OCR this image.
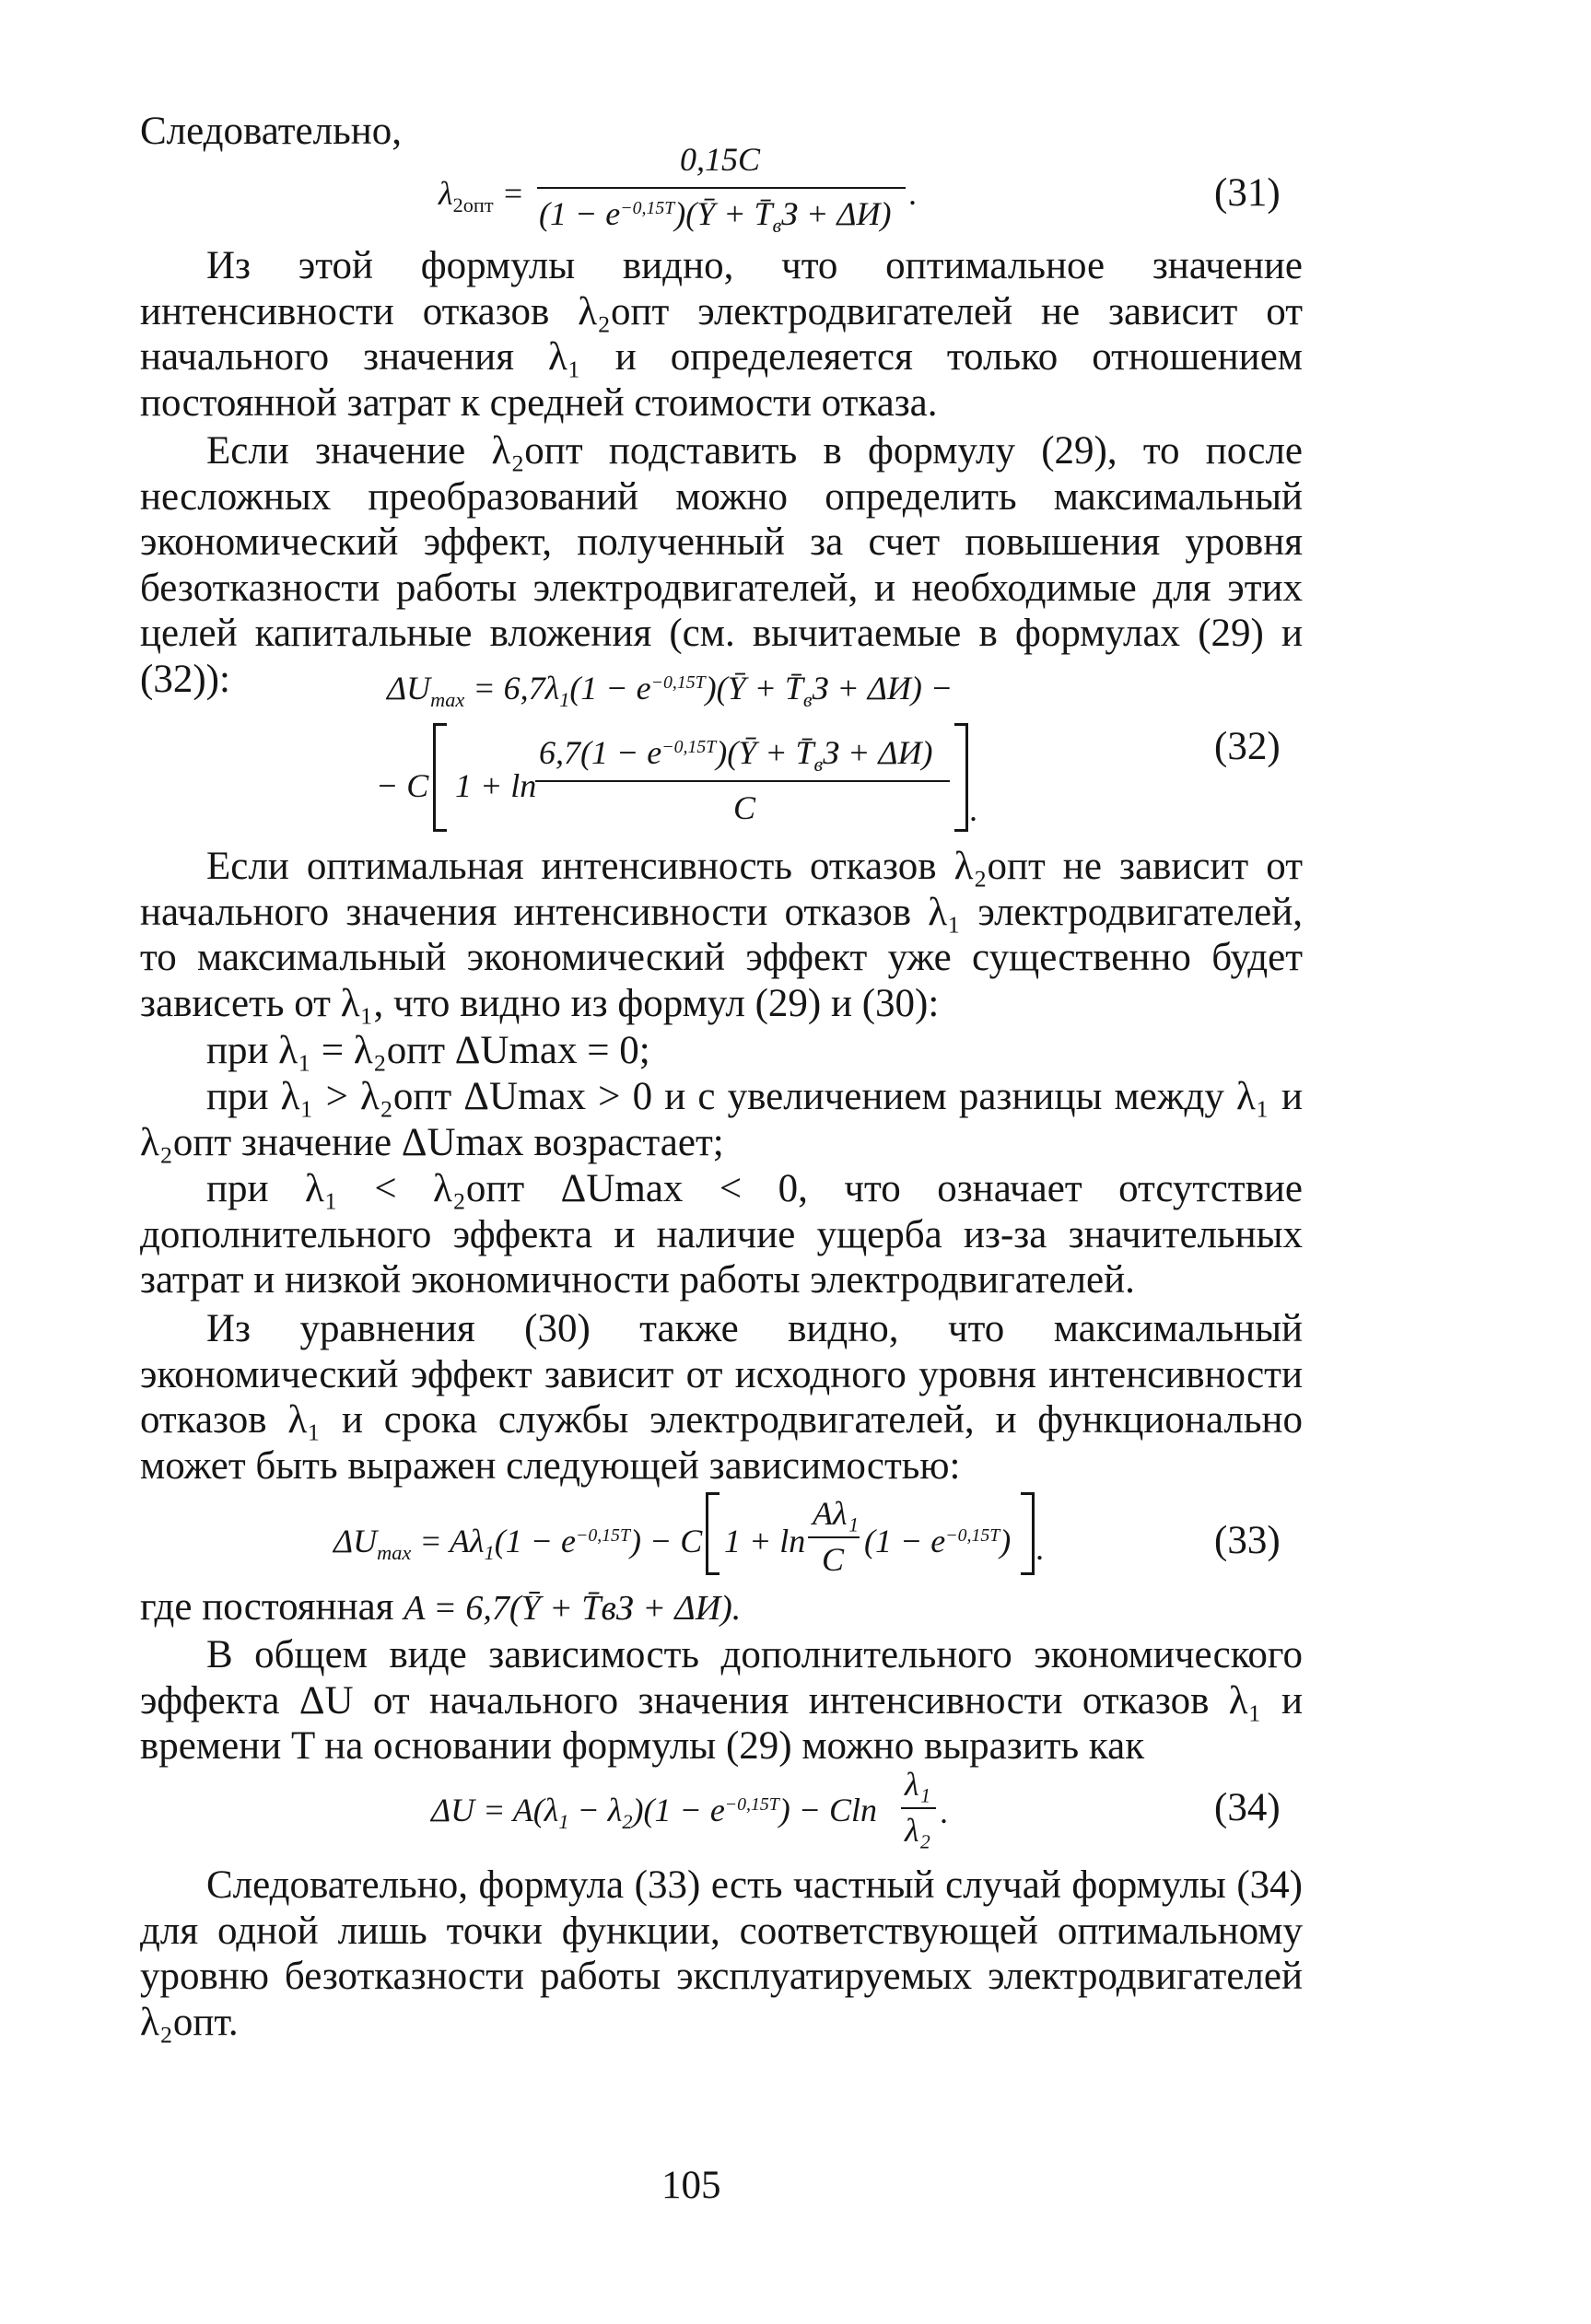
Следовательно,
$\lambda_{2опт}$ =
0,15C
$(1 - e^{-0,15T})(Ȳ$ + $T̄_вЗ + \Delta И$)
.	(31)

Из этой формулы видно, что оптимальное значение интенсивности отказов λ₂опт электродвигателей не зависит от начального значения λ₁ и определеяется только отношением постоянной затрат к средней стоимости отказа.

Если значение λ₂опт подставить в формулу (29), то после несложных преобразований можно определить максимальный экономический эффект, полученный за счет повышения уровня безотказности работы электродвигателей, и необходимые для этих целей капитальные вложения (см. вычитаемые в формулах (29) и (32)):	$\Delta U_{max} = 6,7\lambda_1(1$ − $e^{-0,15T})(Ȳ$ + $T̄_вЗ + \Delta И$) −
− C 1 + ln
$6,7(1 - e^{-0,15T})(Ȳ$ + $T̄_вЗ + \Delta И$)
C	.
(32)

Если оптимальная интенсивность отказов λ₂опт не зависит от начального значения интенсивности отказов λ₁ электродвигателей, то максимальный экономический эффект уже существенно будет зависеть от λ₁, что видно из формул (29) и (30):

при λ₁ = λ₂опт ΔUmax = 0;

при λ₁ > λ₂опт ΔUmax > 0 и с увеличением разницы между λ₁ и λ₂опт значение ΔUmax возрастает;

при λ₁ < λ₂опт ΔUmax < 0, что означает отсутствие дополнительного эффекта и наличие ущерба из-за значительных затрат и низкой экономичности работы электродвигателей.

Из уравнения (30) также видно, что максимальный экономический эффект зависит от исходного уровня интенсивности отказов λ₁ и срока службы электродвигателей, и функционально может быть выражен следующей зависимостью:

$\Delta U_{max} = A\lambda_1(1 - e^{-0,15T}) - C$ 1 + ln
Aλ₁
C $(1 - e^{-0,15T})$ .	(33)
где постоянная A = 6,7(Ȳ + T̄вЗ + ΔИ).

В общем виде зависимость дополнительного экономического эффекта ΔU от начального значения интенсивности отказов λ₁ и времени T на основании формулы (29) можно выразить как

$\Delta U = A(\lambda_1 - \lambda_2)(1 - e^{-0,15T}) - Cln$
λ₁
λ₂ .	(34)

Следовательно, формула (33) есть частный случай формулы (34) для одной лишь точки функции, соответствующей оптимальному уровню безотказности работы эксплуатируемых электродвигателей λ₂опт.

105
